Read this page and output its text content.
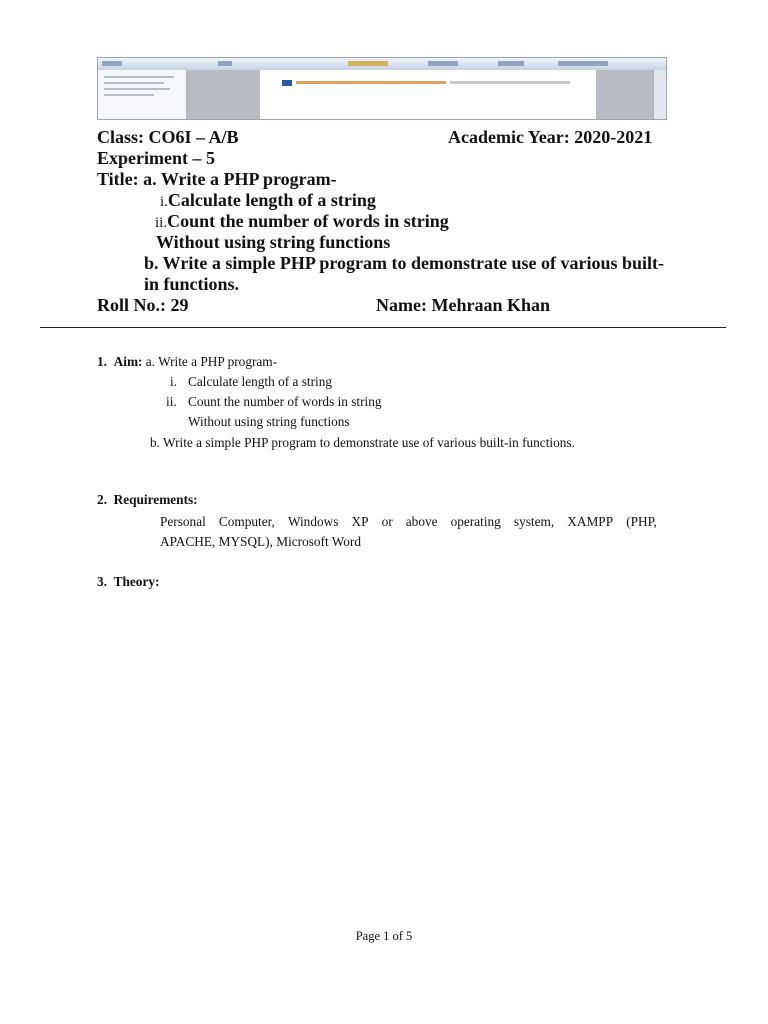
Class: CO6I – A/B	Academic Year: 2020-2021
Experiment – 5
Title: a. Write a PHP program-
i.Calculate length of a string
ii.Count the number of words in string
Without using string functions
b. Write a simple PHP program to demonstrate use of various built-
in functions.
Roll No.: 29	Name: Mehraan Khan
1. Aim: a. Write a PHP program-
i. Calculate length of a string
ii. Count the number of words in string
Without using string functions
b. Write a simple PHP program to demonstrate use of various built-in functions.
2. Requirements:
Personal Computer, Windows XP or above operating system, XAMPP (PHP,
APACHE, MYSQL), Microsoft Word
3. Theory:
Page 1 of 5
